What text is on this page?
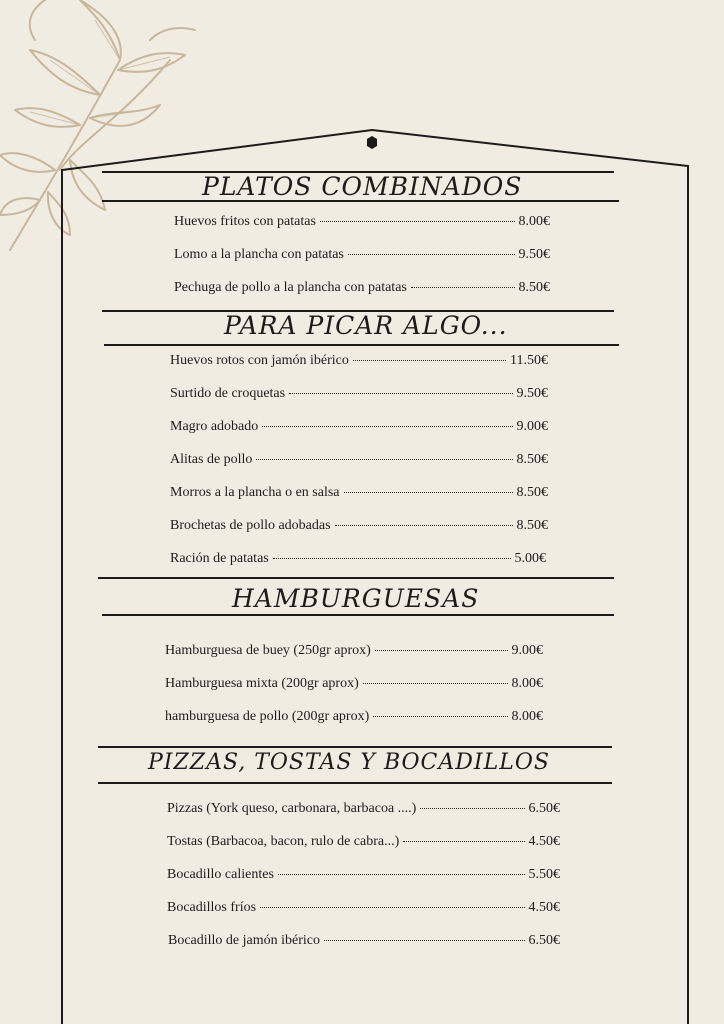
PLATOS COMBINADOS
Huevos fritos con patatas	8.00€
Lomo a la plancha con patatas	9.50€
Pechuga de pollo a la plancha con patatas	8.50€
PARA PICAR ALGO...
Huevos rotos con jamón ibérico	11.50€
Surtido de croquetas	9.50€
Magro adobado	9.00€
Alitas de pollo	8.50€
Morros a la plancha o en salsa	8.50€
Brochetas de pollo adobadas	8.50€
Ración de patatas	5.00€
HAMBURGUESAS
Hamburguesa de buey (250gr aprox)	9.00€
Hamburguesa mixta (200gr aprox)	8.00€
hamburguesa de pollo (200gr aprox)	8.00€
PIZZAS, TOSTAS Y BOCADILLOS
Pizzas (York queso, carbonara, barbacoa ....)	6.50€
Tostas (Barbacoa, bacon, rulo de cabra...)	4.50€
Bocadillo calientes	5.50€
Bocadillos fríos	4.50€
Bocadillo de jamón ibérico	6.50€
